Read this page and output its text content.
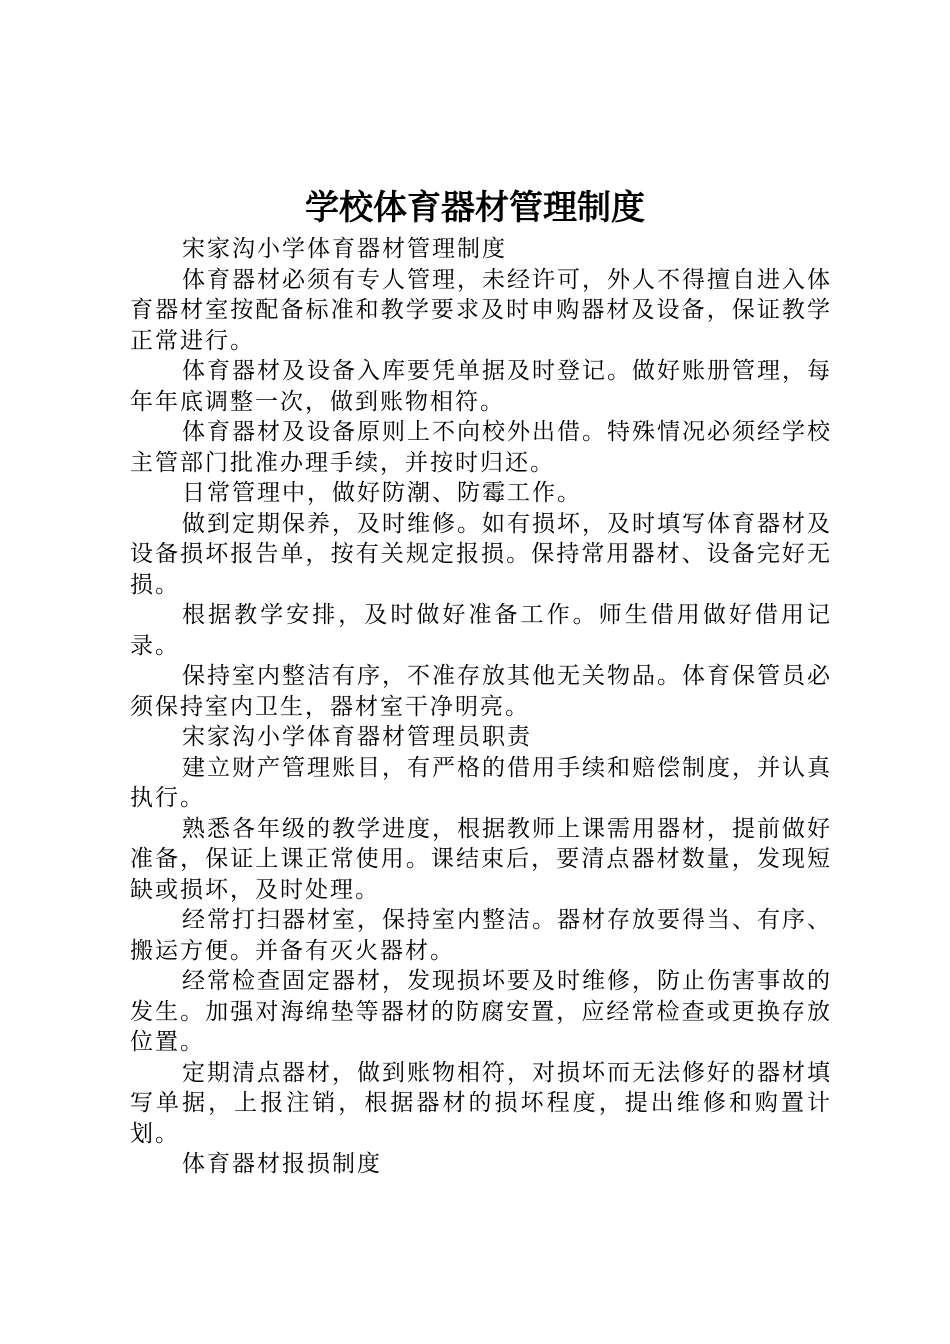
学校体育器材管理制度

宋家沟小学体育器材管理制度

体育器材必须有专人管理，未经许可，外人不得擅自进入体育器材室按配备标准和教学要求及时申购器材及设备，保证教学正常进行。

体育器材及设备入库要凭单据及时登记。做好账册管理，每年年底调整一次，做到账物相符。

体育器材及设备原则上不向校外出借。特殊情况必须经学校主管部门批准办理手续，并按时归还。

日常管理中，做好防潮、防霉工作。

做到定期保养，及时维修。如有损坏，及时填写体育器材及设备损坏报告单，按有关规定报损。保持常用器材、设备完好无损。

根据教学安排，及时做好准备工作。师生借用做好借用记录。

保持室内整洁有序，不准存放其他无关物品。体育保管员必须保持室内卫生，器材室干净明亮。

宋家沟小学体育器材管理员职责

建立财产管理账目，有严格的借用手续和赔偿制度，并认真执行。

熟悉各年级的教学进度，根据教师上课需用器材，提前做好准备，保证上课正常使用。课结束后，要清点器材数量，发现短缺或损坏，及时处理。

经常打扫器材室，保持室内整洁。器材存放要得当、有序、搬运方便。并备有灭火器材。

经常检查固定器材，发现损坏要及时维修，防止伤害事故的发生。加强对海绵垫等器材的防腐安置，应经常检查或更换存放位置。

定期清点器材，做到账物相符，对损坏而无法修好的器材填写单据，上报注销，根据器材的损坏程度，提出维修和购置计划。

体育器材报损制度
